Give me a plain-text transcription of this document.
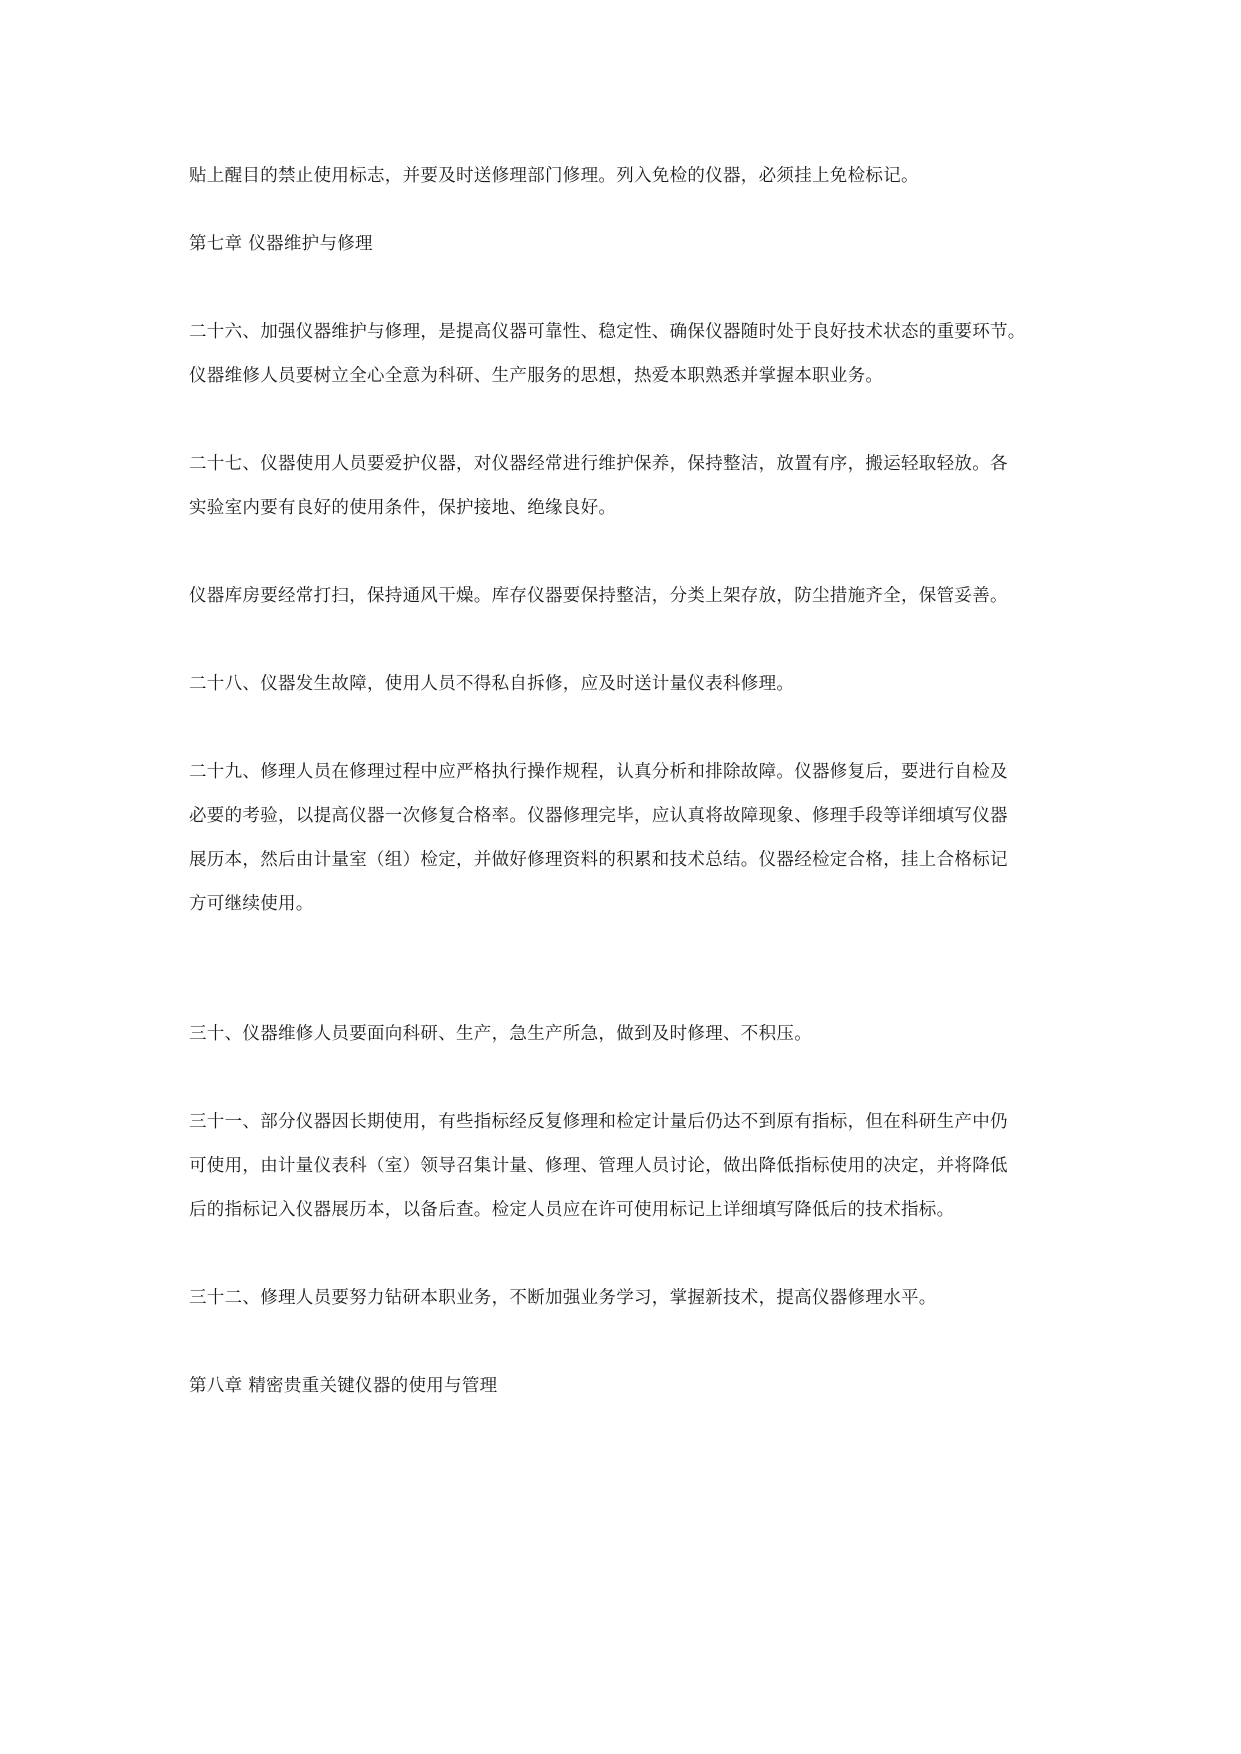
贴上醒目的禁止使用标志，并要及时送修理部门修理。列入免检的仪器，必须挂上免检标记。

第七章 仪器维护与修理

二十六、加强仪器维护与修理，是提高仪器可靠性、稳定性、确保仪器随时处于良好技术状态的重要环节。

仪器维修人员要树立全心全意为科研、生产服务的思想，热爱本职熟悉并掌握本职业务。

二十七、仪器使用人员要爱护仪器，对仪器经常进行维护保养，保持整洁，放置有序，搬运轻取轻放。各

实验室内要有良好的使用条件，保护接地、绝缘良好。

仪器库房要经常打扫，保持通风干燥。库存仪器要保持整洁，分类上架存放，防尘措施齐全，保管妥善。

二十八、仪器发生故障，使用人员不得私自拆修，应及时送计量仪表科修理。

二十九、修理人员在修理过程中应严格执行操作规程，认真分析和排除故障。仪器修复后，要进行自检及

必要的考验，以提高仪器一次修复合格率。仪器修理完毕，应认真将故障现象、修理手段等详细填写仪器

展历本，然后由计量室（组）检定，并做好修理资料的积累和技术总结。仪器经检定合格，挂上合格标记

方可继续使用。

三十、仪器维修人员要面向科研、生产，急生产所急，做到及时修理、不积压。

三十一、部分仪器因长期使用，有些指标经反复修理和检定计量后仍达不到原有指标，但在科研生产中仍

可使用，由计量仪表科（室）领导召集计量、修理、管理人员讨论，做出降低指标使用的决定，并将降低

后的指标记入仪器展历本，以备后查。检定人员应在许可使用标记上详细填写降低后的技术指标。

三十二、修理人员要努力钻研本职业务，不断加强业务学习，掌握新技术，提高仪器修理水平。

第八章 精密贵重关键仪器的使用与管理
